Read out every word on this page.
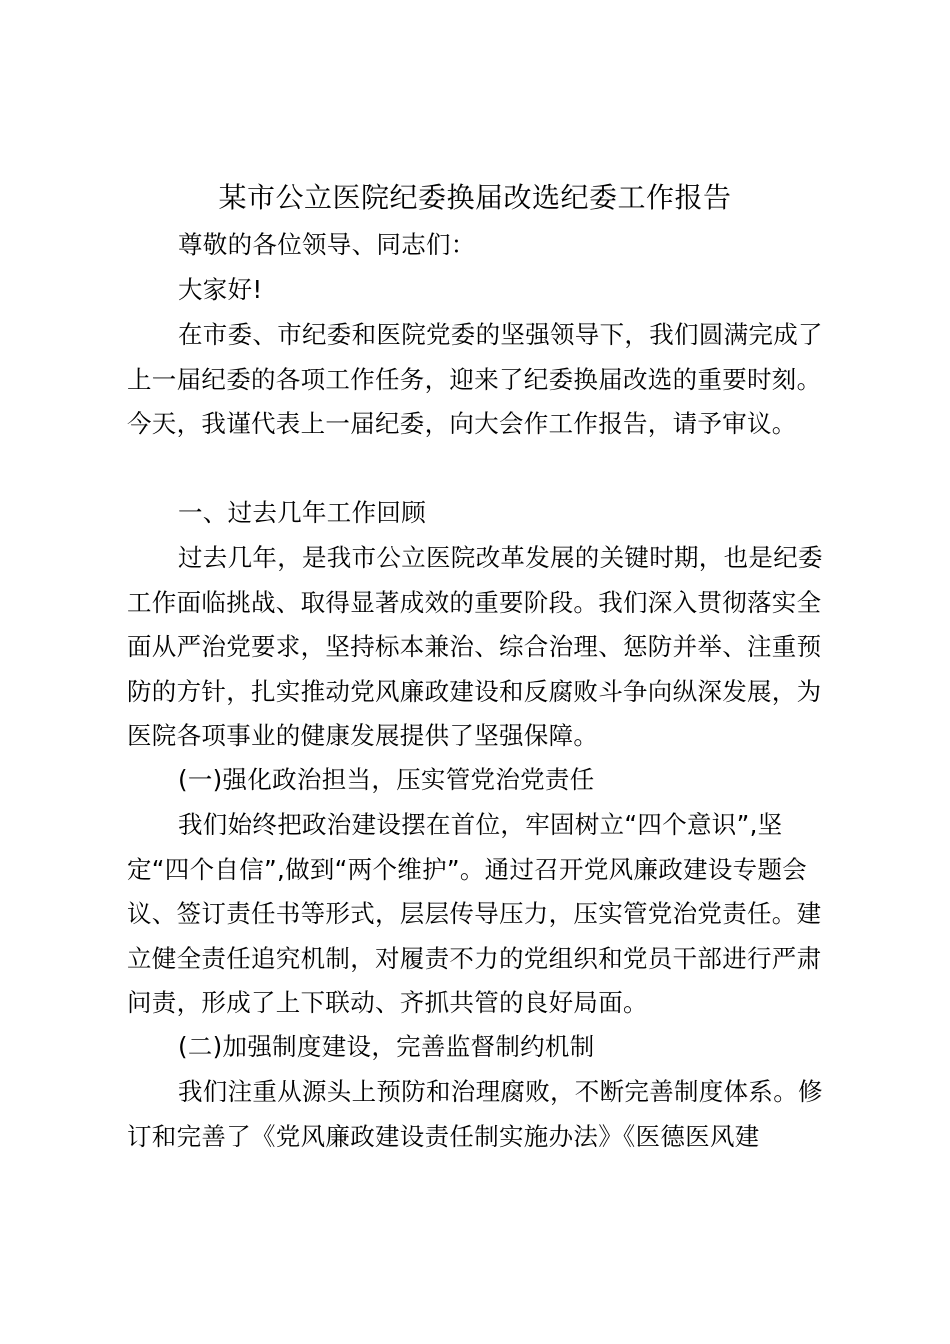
某市公立医院纪委换届改选纪委工作报告

尊敬的各位领导、同志们：

大家好!

在市委、市纪委和医院党委的坚强领导下，我们圆满完成了上一届纪委的各项工作任务，迎来了纪委换届改选的重要时刻。今天，我谨代表上一届纪委，向大会作工作报告，请予审议。

一、过去几年工作回顾

过去几年，是我市公立医院改革发展的关键时期，也是纪委工作面临挑战、取得显著成效的重要阶段。我们深入贯彻落实全面从严治党要求，坚持标本兼治、综合治理、惩防并举、注重预防的方针，扎实推动党风廉政建设和反腐败斗争向纵深发展，为医院各项事业的健康发展提供了坚强保障。

(一)强化政治担当，压实管党治党责任

我们始终把政治建设摆在首位，牢固树立“四个意识”,坚定“四个自信”,做到“两个维护”。通过召开党风廉政建设专题会议、签订责任书等形式，层层传导压力，压实管党治党责任。建立健全责任追究机制，对履责不力的党组织和党员干部进行严肃问责，形成了上下联动、齐抓共管的良好局面。

(二)加强制度建设，完善监督制约机制

我们注重从源头上预防和治理腐败，不断完善制度体系。修订和完善了《党风廉政建设责任制实施办法》《医德医风建
